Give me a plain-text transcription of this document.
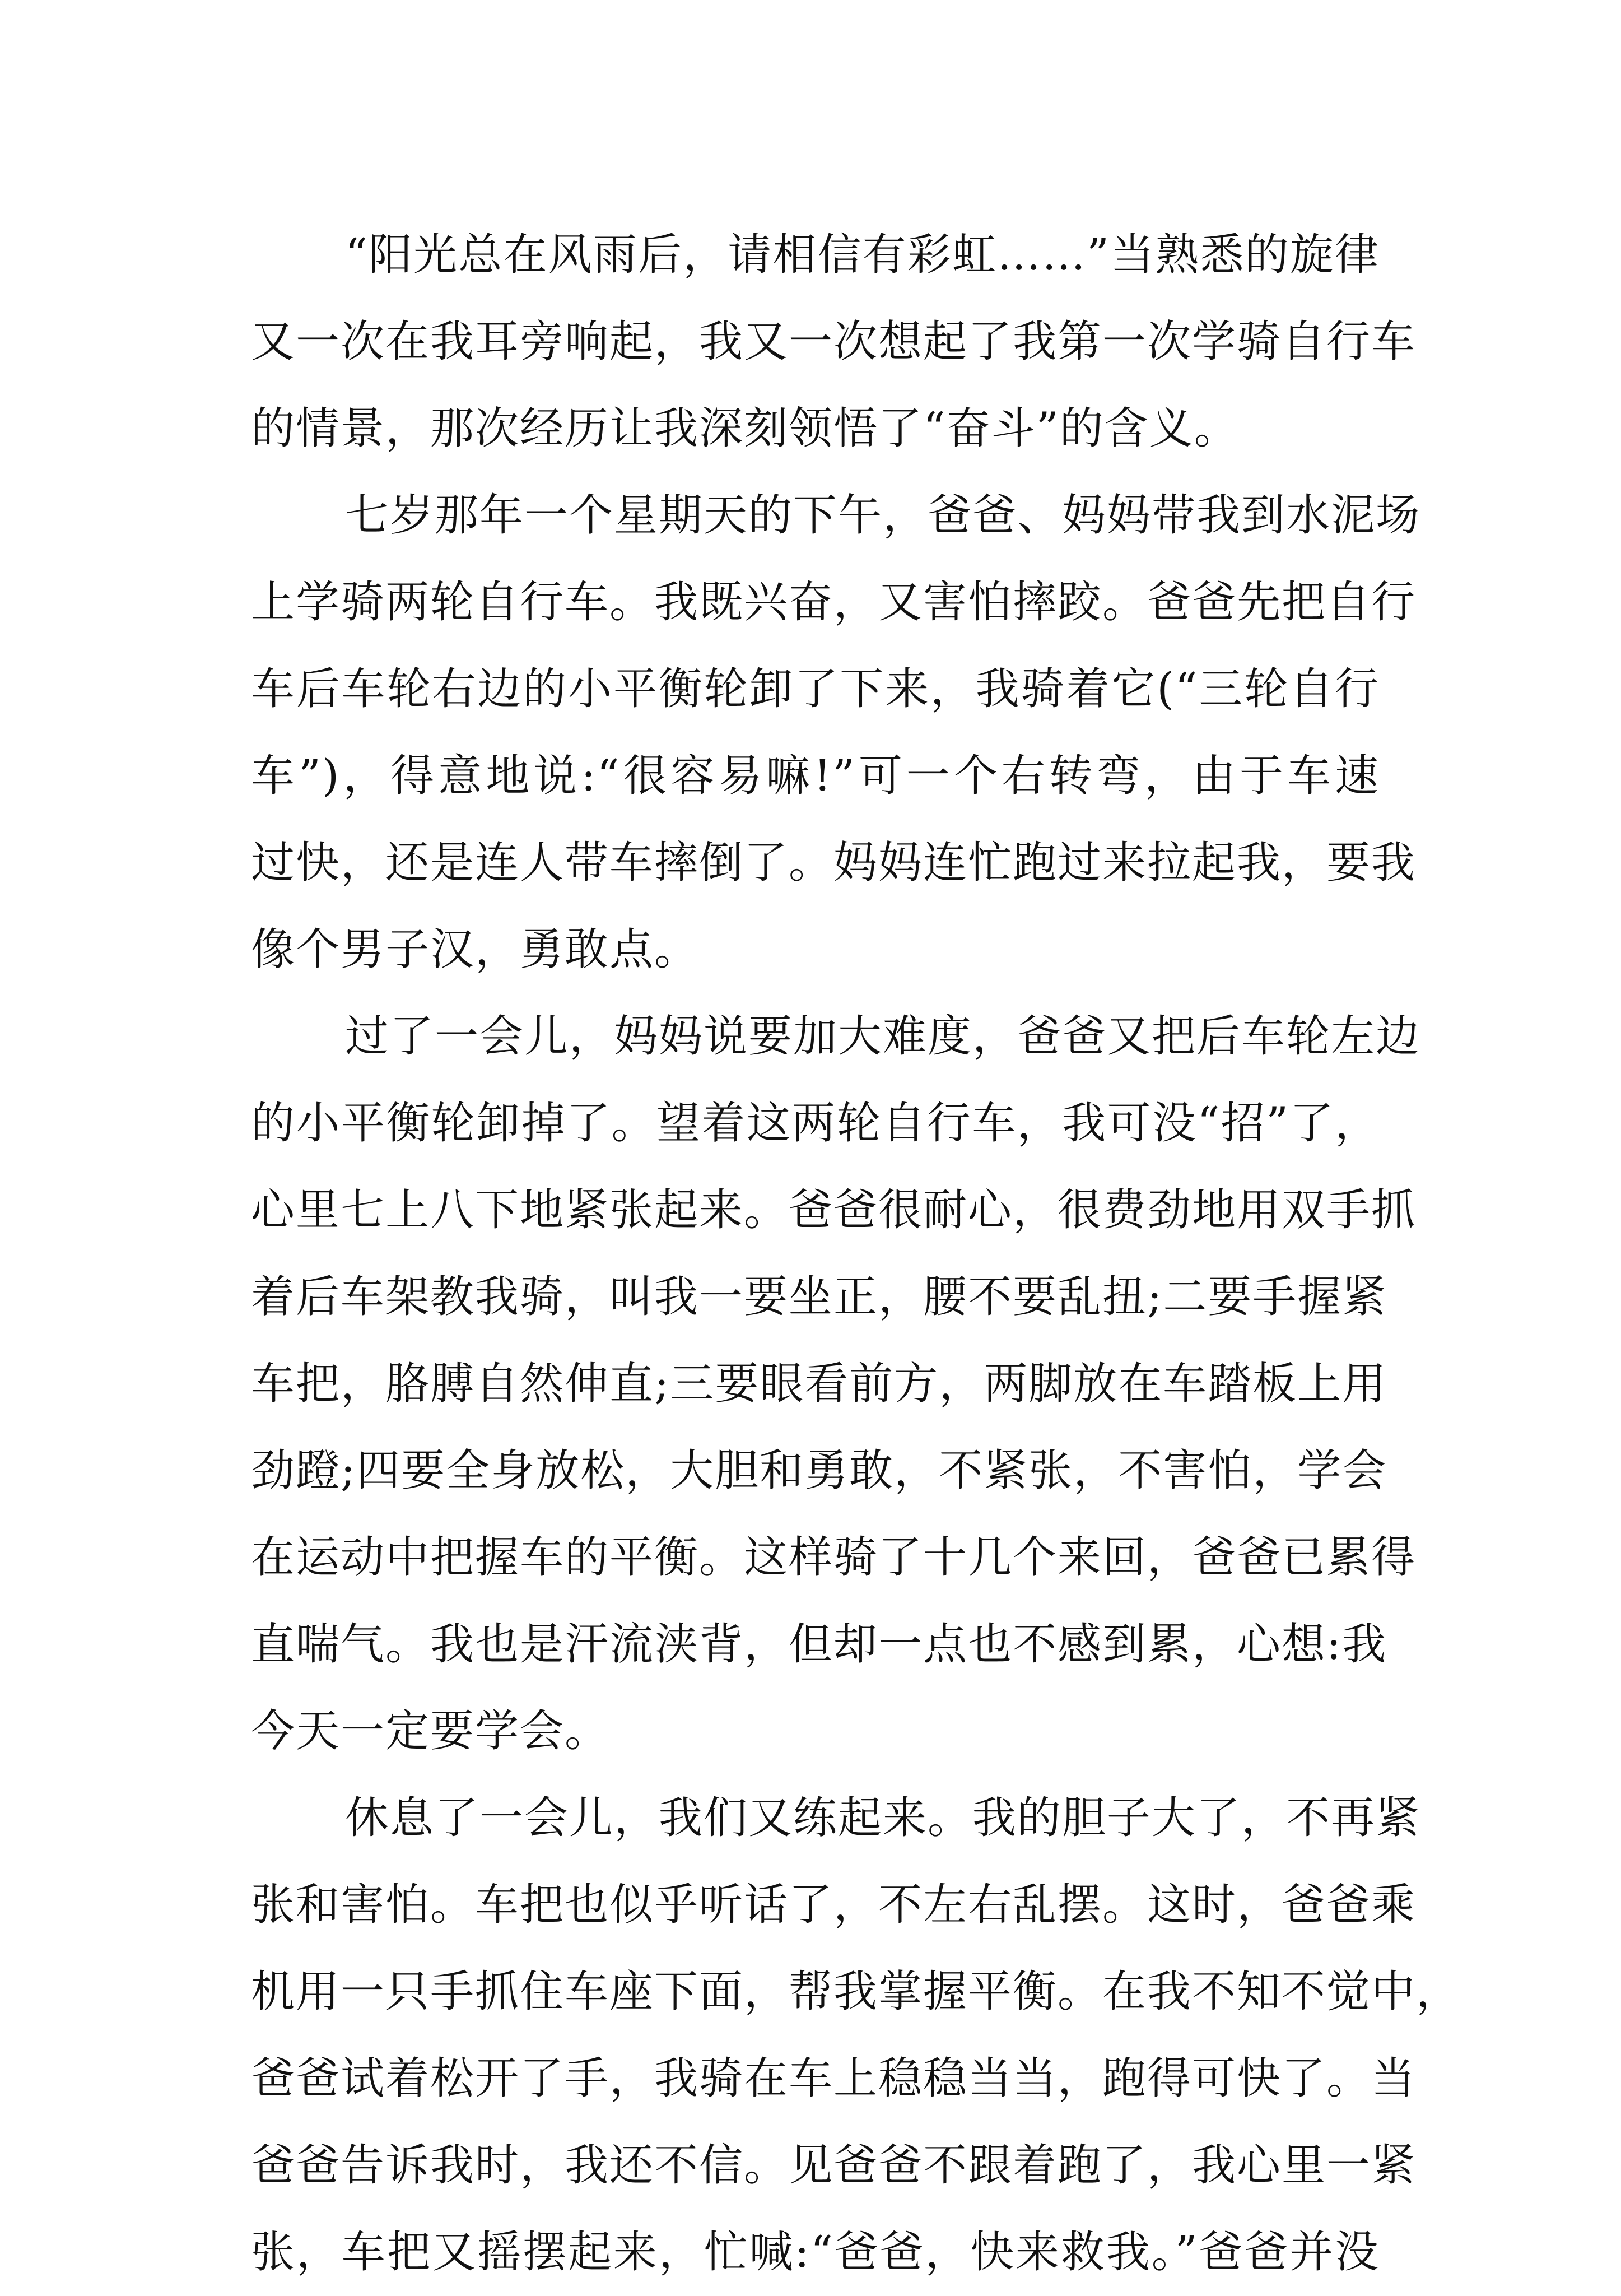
“阳光总在风雨后，请相信有彩虹……”当熟悉的旋律
又一次在我耳旁响起，我又一次想起了我第一次学骑自行车
的情景，那次经历让我深刻领悟了“奋斗”的含义。
七岁那年一个星期天的下午，爸爸、妈妈带我到水泥场
上学骑两轮自行车。我既兴奋，又害怕摔跤。爸爸先把自行
车后车轮右边的小平衡轮卸了下来，我骑着它(“三轮自行
车”)，得意地说:“很容易嘛!”可一个右转弯，由于车速
过快，还是连人带车摔倒了。妈妈连忙跑过来拉起我，要我
像个男子汉，勇敢点。
过了一会儿，妈妈说要加大难度，爸爸又把后车轮左边
的小平衡轮卸掉了。望着这两轮自行车，我可没“招”了，
心里七上八下地紧张起来。爸爸很耐心，很费劲地用双手抓
着后车架教我骑，叫我一要坐正，腰不要乱扭;二要手握紧
车把，胳膊自然伸直;三要眼看前方，两脚放在车踏板上用
劲蹬;四要全身放松，大胆和勇敢，不紧张，不害怕，学会
在运动中把握车的平衡。这样骑了十几个来回，爸爸已累得
直喘气。我也是汗流浃背，但却一点也不感到累，心想:我
今天一定要学会。
休息了一会儿，我们又练起来。我的胆子大了，不再紧
张和害怕。车把也似乎听话了，不左右乱摆。这时，爸爸乘
机用一只手抓住车座下面，帮我掌握平衡。在我不知不觉中，
爸爸试着松开了手，我骑在车上稳稳当当，跑得可快了。当
爸爸告诉我时，我还不信。见爸爸不跟着跑了，我心里一紧
张，车把又摇摆起来，忙喊:“爸爸，快来救我。”爸爸并没
